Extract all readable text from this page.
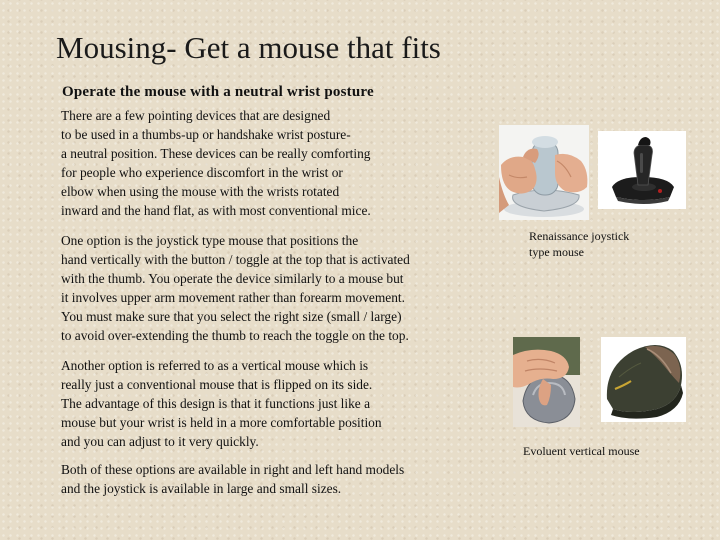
Mousing- Get a mouse that fits
Operate the mouse with a neutral wrist posture

There are a few pointing devices that are designed
to be used in a thumbs-up or handshake wrist posture-
a neutral position. These devices can be really comforting
for people who experience discomfort in the wrist or
elbow when using the mouse with the wrists rotated
inward and the hand flat, as with most conventional mice.

One option is the joystick type mouse that positions the
hand vertically with the button / toggle at the top that is activated
with the thumb. You operate the device similarly to a mouse but
it involves upper arm movement rather than forearm movement.
You must make sure that you select the right size (small / large)
to avoid over-extending the thumb to reach the toggle on the top.

Another option is referred to as a vertical mouse which is
really just a conventional mouse that is flipped on its side.
The advantage of this design is that it functions just like a
mouse but your wrist is held in a more comfortable position
and you can adjust to it very quickly.

Both of these options are available in right and left hand models
and the joystick is available in large and small sizes.

Renaissance joystick
type mouse

Evoluent vertical mouse
